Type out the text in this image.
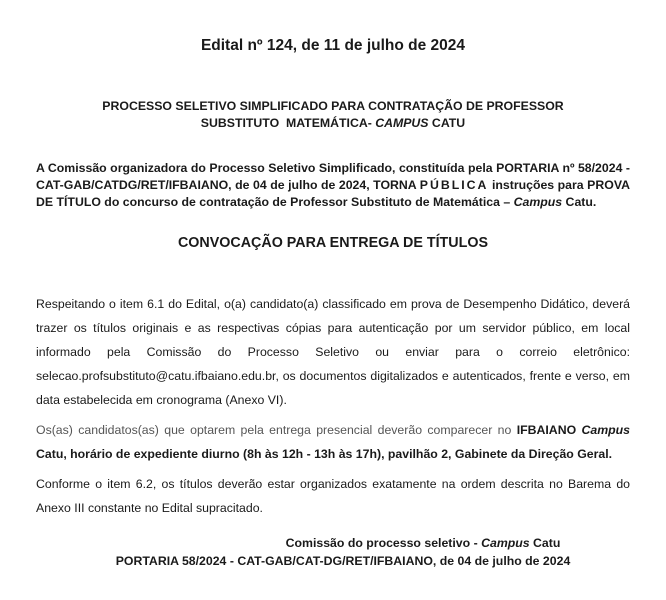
Edital nº 124, de 11 de julho de 2024
PROCESSO SELETIVO SIMPLIFICADO PARA CONTRATAÇÃO DE PROFESSOR
SUBSTITUTO  MATEMÁTICA- CAMPUS CATU
A Comissão organizadora do Processo Seletivo Simplificado, constituída pela PORTARIA nº 58/2024 - CAT-GAB/CATDG/RET/IFBAIANO, de 04 de julho de 2024, TORNA PÚBLICA instruções para PROVA DE TÍTULO do concurso de contratação de Professor Substituto de Matemática – Campus Catu.
CONVOCAÇÃO PARA ENTREGA DE TÍTULOS
Respeitando o item 6.1 do Edital, o(a) candidato(a) classificado em prova de Desempenho Didático, deverá trazer os títulos originais e as respectivas cópias para autenticação por um servidor público, em local informado pela Comissão do Processo Seletivo ou enviar para o correio eletrônico: selecao.profsubstituto@catu.ifbaiano.edu.br, os documentos digitalizados e autenticados, frente e verso, em data estabelecida em cronograma (Anexo VI).
Os(as) candidatos(as) que optarem pela entrega presencial deverão comparecer no IFBAIANO Campus Catu, horário de expediente diurno (8h às 12h - 13h às 17h), pavilhão 2, Gabinete da Direção Geral.
Conforme o item 6.2, os títulos deverão estar organizados exatamente na ordem descrita no Barema do Anexo III constante no Edital supracitado.
Comissão do processo seletivo - Campus Catu
PORTARIA 58/2024 - CAT-GAB/CAT-DG/RET/IFBAIANO, de 04 de julho de 2024
